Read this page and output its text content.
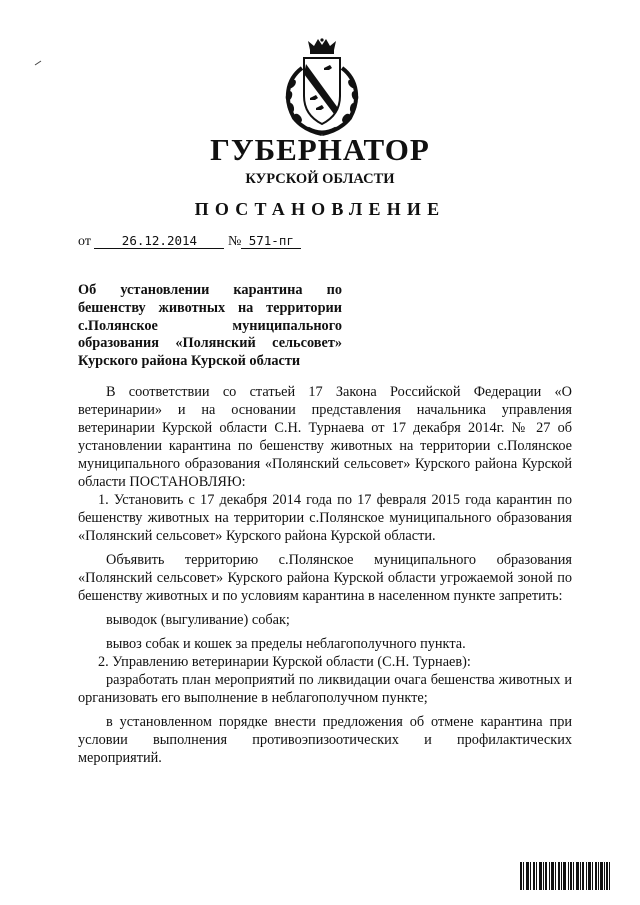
ГУБЕРНАТОР
КУРСКОЙ ОБЛАСТИ
ПОСТАНОВЛЕНИЕ
от 26.12.2014 № 571-пг
Об установлении карантина по
бешенству животных на территории
с.Полянское муниципального
образования «Полянский сельсовет»
Курского района Курской области

В соответствии со статьей 17 Закона Российской Федерации «О ветеринарии» и на основании представления начальника управления ветеринарии Курской области С.Н. Турнаева от 17 декабря 2014г. № 27 об установлении карантина по бешенству животных на территории с.Полянское муниципального образования «Полянский сельсовет» Курского района Курской области ПОСТАНОВЛЯЮ:

1. Установить с 17 декабря 2014 года по 17 февраля 2015 года карантин по бешенству животных на территории с.Полянское муниципального образования «Полянский сельсовет» Курского района Курской области.

Объявить территорию с.Полянское муниципального образования «Полянский сельсовет» Курского района Курской области угрожаемой зоной по бешенству животных и по условиям карантина в населенном пункте запретить:

выводок (выгуливание) собак;

вывоз собак и кошек за пределы неблагополучного пункта.

2. Управлению ветеринарии Курской области (С.Н. Турнаев):

разработать план мероприятий по ликвидации очага бешенства животных и организовать его выполнение в неблагополучном пункте;

в установленном порядке внести предложения об отмене карантина при условии выполнения противоэпизоотических и профилактических мероприятий.
